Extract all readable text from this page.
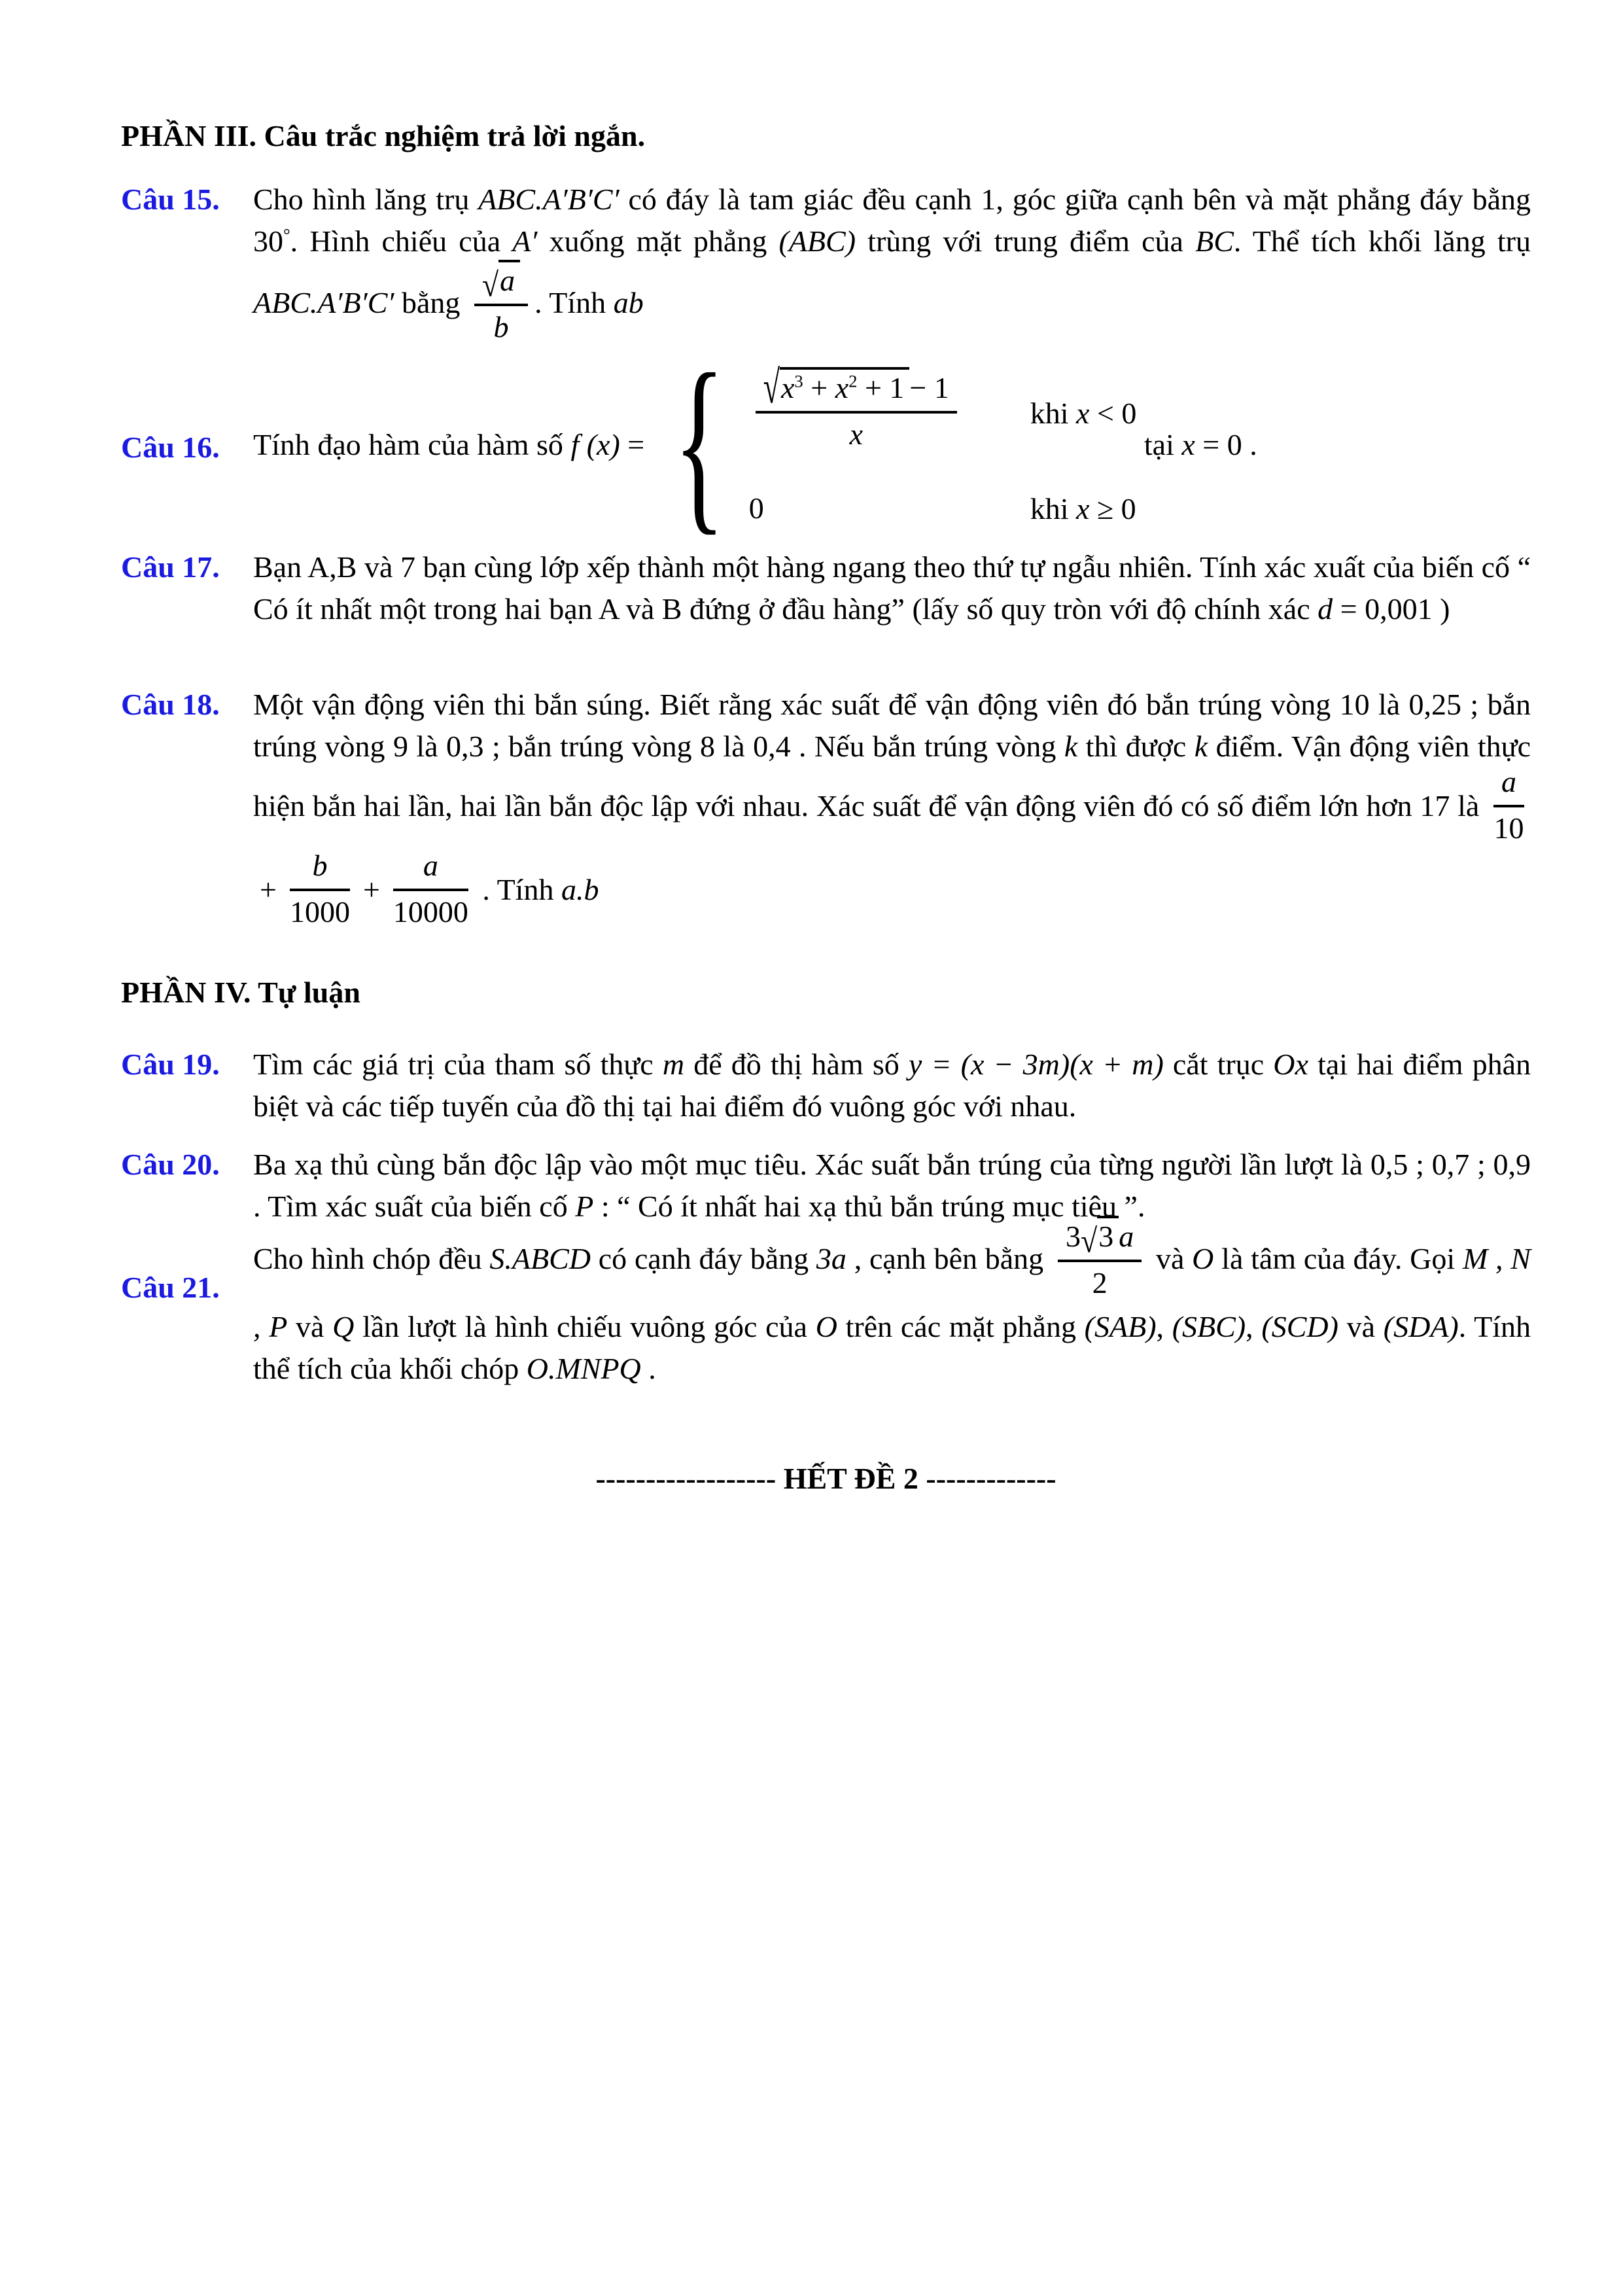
PHẦN III. Câu trắc nghiệm trả lời ngắn.
Câu 15.	Cho hình lăng trụ ABC.A′B′C′ có đáy là tam giác đều cạnh 1, góc giữa cạnh bên và mặt phẳng đáy bằng 30°. Hình chiếu của A′ xuống mặt phẳng (ABC) trùng với trung điểm của BC. Thể tích khối lăng trụ ABC.A′B′C′ bằng $\frac{√ a}{b}$ . Tính ab
Câu 16.	Tính đạo hàm của hàm số f (x) = { $\frac{√ x^3 + x^2 + 1 - 1}{x}$ khi x < 0
0	khi x ≥ 0
tại x = 0 .
Câu 17.	Bạn A,B và 7 bạn cùng lớp xếp thành một hàng ngang theo thứ tự ngẫu nhiên. Tính xác xuất của biến cố “ Có ít nhất một trong hai bạn A và B đứng ở đầu hàng” (lấy số quy tròn với độ chính xác d = 0,001 )
Câu 18.	Một vận động viên thi bắn súng. Biết rằng xác suất để vận động viên đó bắn trúng vòng 10 là 0,25 ; bắn trúng vòng 9 là 0,3 ; bắn trúng vòng 8 là 0,4 . Nếu bắn trúng vòng k thì được k điểm. Vận động viên thực hiện bắn hai lần, hai lần bắn độc lập với nhau. Xác suất để vận động viên đó có số điểm lớn hơn 17 là $\frac{a}{10}$
+ $\frac{b}{1000} + \frac{a}{10000}$ . Tính a.b
PHẦN IV. Tự luận
Câu 19.	Tìm các giá trị của tham số thực m để đồ thị hàm số y = (x − 3m)(x + m) cắt trục Ox tại hai điểm phân biệt và các tiếp tuyến của đồ thị tại hai điểm đó vuông góc với nhau.
Câu 20.	Ba xạ thủ cùng bắn độc lập vào một mục tiêu. Xác suất bắn trúng của từng người lần lượt là 0,5 ; 0,7 ; 0,9 . Tìm xác suất của biến cố P : “ Có ít nhất hai xạ thủ bắn trúng mục tiêu ”.
Câu 21.
Cho hình chóp đều S.ABCD có cạnh đáy bằng 3a , cạnh bên bằng $\frac{3 √ 3 a}{2}$ và O là tâm của đáy. Gọi M , N , P và Q lần lượt là hình chiếu vuông góc của O trên các mặt phẳng (SAB), (SBC), (SCD) và (SDA). Tính thể tích của khối chóp O.MNPQ .
------------------ HẾT ĐỀ 2 -------------
